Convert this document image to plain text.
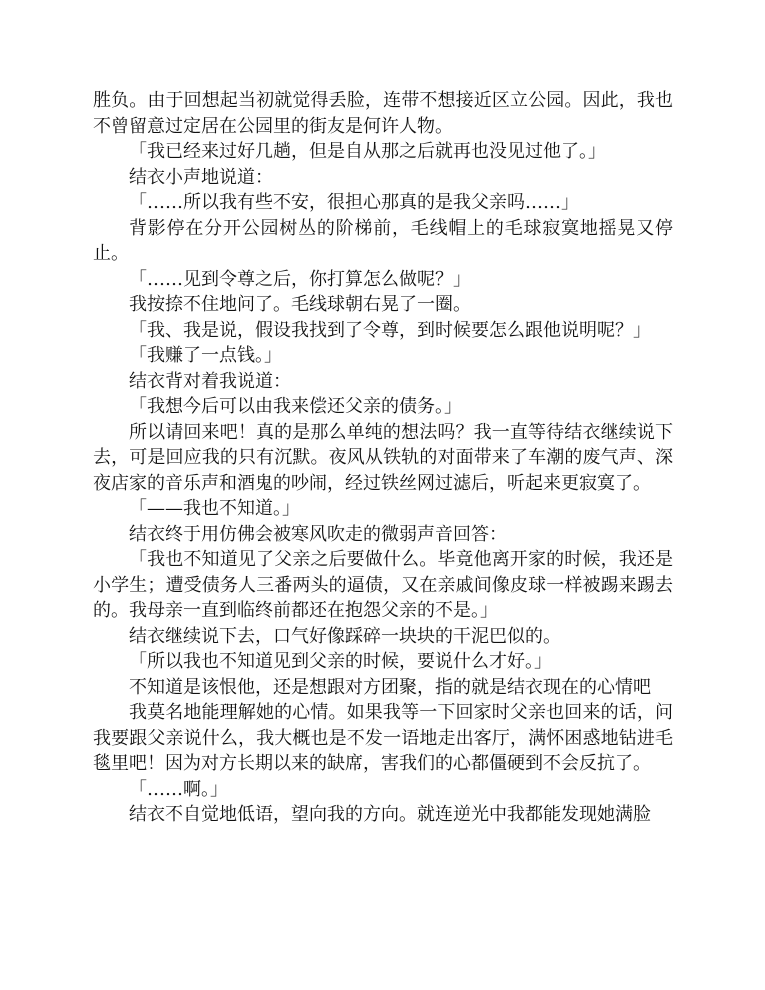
胜负。由于回想起当初就觉得丢脸，连带不想接近区立公园。因此，我也不曾留意过定居在公园里的街友是何许人物。

「我已经来过好几趟，但是自从那之后就再也没见过他了。」

结衣小声地说道：

「……所以我有些不安，很担心那真的是我父亲吗……」

背影停在分开公园树丛的阶梯前，毛线帽上的毛球寂寞地摇晃又停止。

「……见到令尊之后，你打算怎么做呢？」

我按捺不住地问了。毛线球朝右晃了一圈。

「我、我是说，假设我找到了令尊，到时候要怎么跟他说明呢？」

「我赚了一点钱。」

结衣背对着我说道：

「我想今后可以由我来偿还父亲的债务。」

所以请回来吧！真的是那么单纯的想法吗？我一直等待结衣继续说下去，可是回应我的只有沉默。夜风从铁轨的对面带来了车潮的废气声、深夜店家的音乐声和酒鬼的吵闹，经过铁丝网过滤后，听起来更寂寞了。

「——我也不知道。」

结衣终于用仿佛会被寒风吹走的微弱声音回答：

「我也不知道见了父亲之后要做什么。毕竟他离开家的时候，我还是小学生；遭受债务人三番两头的逼债，又在亲戚间像皮球一样被踢来踢去的。我母亲一直到临终前都还在抱怨父亲的不是。」

结衣继续说下去，口气好像踩碎一块块的干泥巴似的。

「所以我也不知道见到父亲的时候，要说什么才好。」

不知道是该恨他，还是想跟对方团聚，指的就是结衣现在的心情吧

我莫名地能理解她的心情。如果我等一下回家时父亲也回来的话，问我要跟父亲说什么，我大概也是不发一语地走出客厅，满怀困惑地钻进毛毯里吧！因为对方长期以来的缺席，害我们的心都僵硬到不会反抗了。

「……啊。」

结衣不自觉地低语，望向我的方向。就连逆光中我都能发现她满脸
